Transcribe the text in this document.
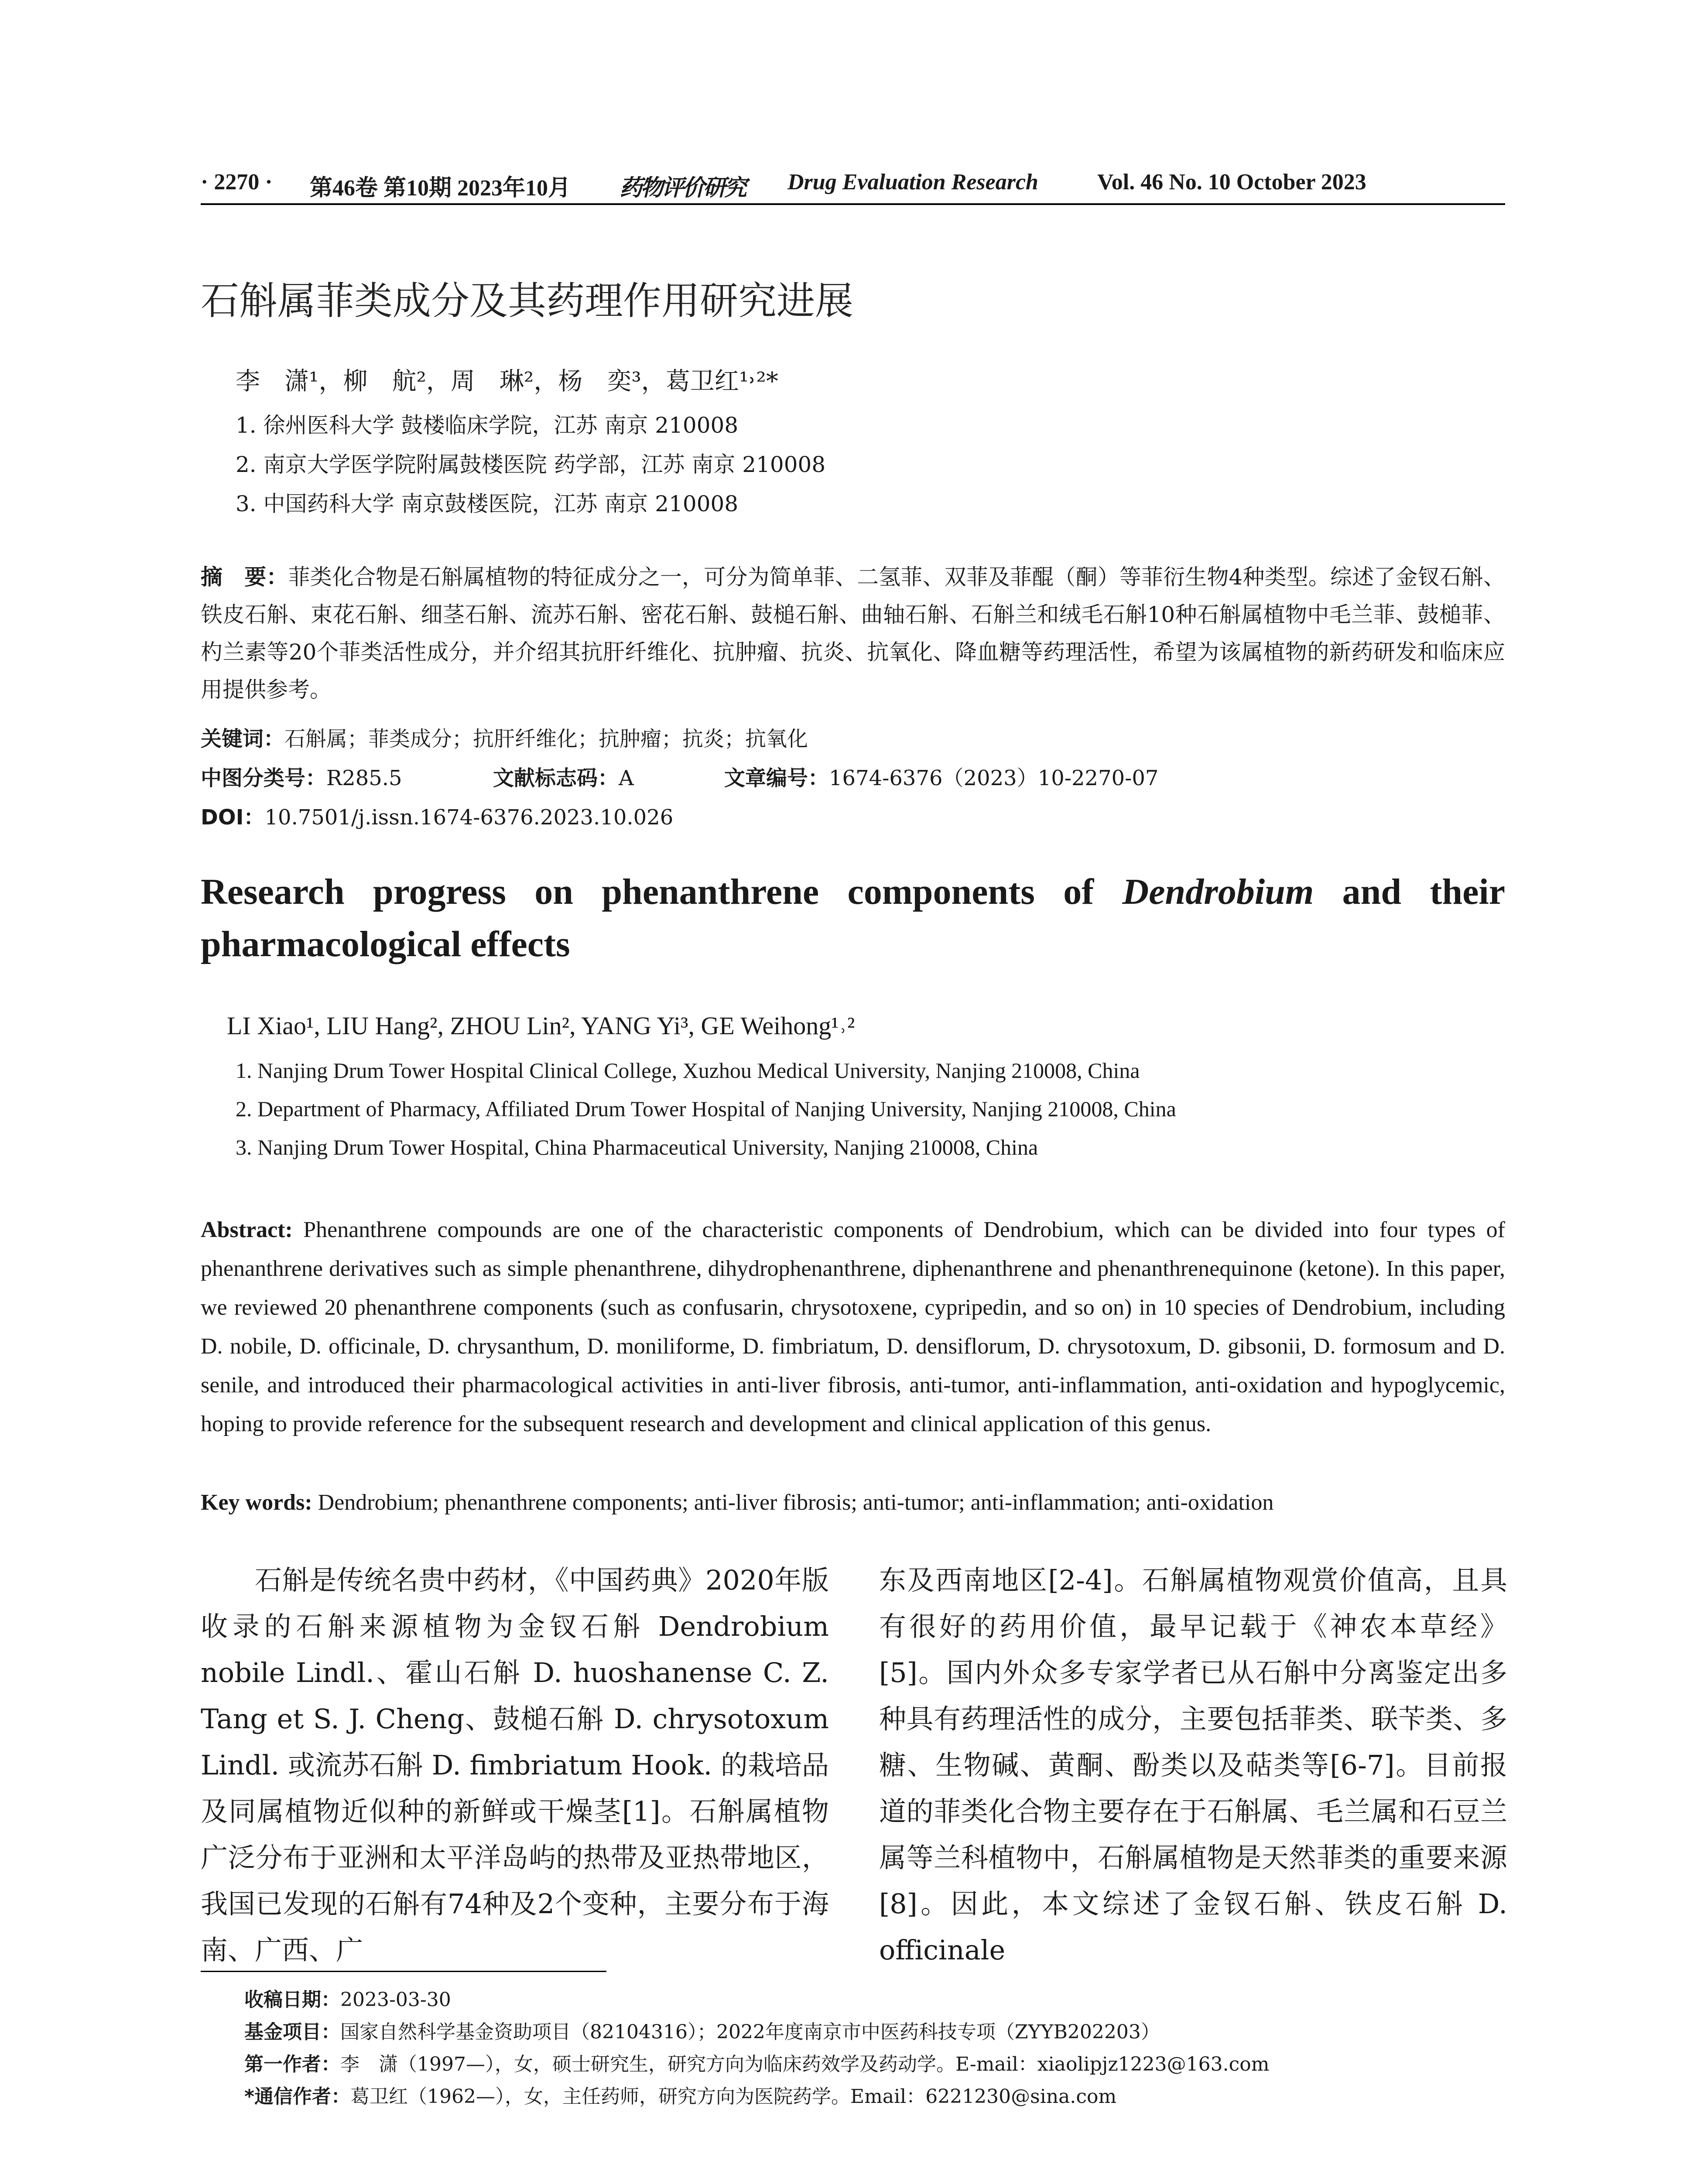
· 2270 · 第46卷 第10期 2023年10月 药物评价研究 Drug Evaluation Research	Vol. 46 No. 10 October 2023
石斛属菲类成分及其药理作用研究进展
李　潇¹，柳　航²，周　琳²，杨　奕³，葛卫红¹˒²*
1. 徐州医科大学 鼓楼临床学院，江苏 南京 210008
2. 南京大学医学院附属鼓楼医院 药学部，江苏 南京 210008
3. 中国药科大学 南京鼓楼医院，江苏 南京 210008
摘　要：菲类化合物是石斛属植物的特征成分之一，可分为简单菲、二氢菲、双菲及菲醌（酮）等菲衍生物4种类型。综述了金钗石斛、铁皮石斛、束花石斛、细茎石斛、流苏石斛、密花石斛、鼓槌石斛、曲轴石斛、石斛兰和绒毛石斛10种石斛属植物中毛兰菲、鼓槌菲、杓兰素等20个菲类活性成分，并介绍其抗肝纤维化、抗肿瘤、抗炎、抗氧化、降血糖等药理活性，希望为该属植物的新药研发和临床应用提供参考。
关键词：石斛属；菲类成分；抗肝纤维化；抗肿瘤；抗炎；抗氧化
中图分类号：R285.5	文献标志码：A	文章编号：1674-6376（2023）10-2270-07
DOI：10.7501/j.issn.1674-6376.2023.10.026
Research progress on phenanthrene components of Dendrobium and their pharmacological effects
LI Xiao¹, LIU Hang², ZHOU Lin², YANG Yi³, GE Weihong¹˒²
1. Nanjing Drum Tower Hospital Clinical College, Xuzhou Medical University, Nanjing 210008, China
2. Department of Pharmacy, Affiliated Drum Tower Hospital of Nanjing University, Nanjing 210008, China
3. Nanjing Drum Tower Hospital, China Pharmaceutical University, Nanjing 210008, China
Abstract: Phenanthrene compounds are one of the characteristic components of Dendrobium, which can be divided into four types of phenanthrene derivatives such as simple phenanthrene, dihydrophenanthrene, diphenanthrene and phenanthrenequinone (ketone). In this paper, we reviewed 20 phenanthrene components (such as confusarin, chrysotoxene, cypripedin, and so on) in 10 species of Dendrobium, including D. nobile, D. officinale, D. chrysanthum, D. moniliforme, D. fimbriatum, D. densiflorum, D. chrysotoxum, D. gibsonii, D. formosum and D. senile, and introduced their pharmacological activities in anti-liver fibrosis, anti-tumor, anti-inflammation, anti-oxidation and hypoglycemic, hoping to provide reference for the subsequent research and development and clinical application of this genus.
Key words: Dendrobium; phenanthrene components; anti-liver fibrosis; anti-tumor; anti-inflammation; anti-oxidation
石斛是传统名贵中药材，《中国药典》2020年版收录的石斛来源植物为金钗石斛 Dendrobium nobile Lindl.、霍山石斛 D. huoshanense C. Z. Tang et S. J. Cheng、鼓槌石斛 D. chrysotoxum Lindl. 或流苏石斛 D. fimbriatum Hook. 的栽培品及同属植物近似种的新鲜或干燥茎[1]。石斛属植物广泛分布于亚洲和太平洋岛屿的热带及亚热带地区，我国已发现的石斛有74种及2个变种，主要分布于海南、广西、广
东及西南地区[2-4]。石斛属植物观赏价值高，且具有很好的药用价值，最早记载于《神农本草经》[5]。国内外众多专家学者已从石斛中分离鉴定出多种具有药理活性的成分，主要包括菲类、联苄类、多糖、生物碱、黄酮、酚类以及萜类等[6-7]。目前报道的菲类化合物主要存在于石斛属、毛兰属和石豆兰属等兰科植物中，石斛属植物是天然菲类的重要来源[8]。因此，本文综述了金钗石斛、铁皮石斛 D. officinale
收稿日期：2023-03-30
基金项目：国家自然科学基金资助项目（82104316）；2022年度南京市中医药科技专项（ZYYB202203）
第一作者：李　潇（1997—），女，硕士研究生，研究方向为临床药效学及药动学。E-mail：xiaolipjz1223@163.com
*通信作者：葛卫红（1962—），女，主任药师，研究方向为医院药学。Email：6221230@sina.com
